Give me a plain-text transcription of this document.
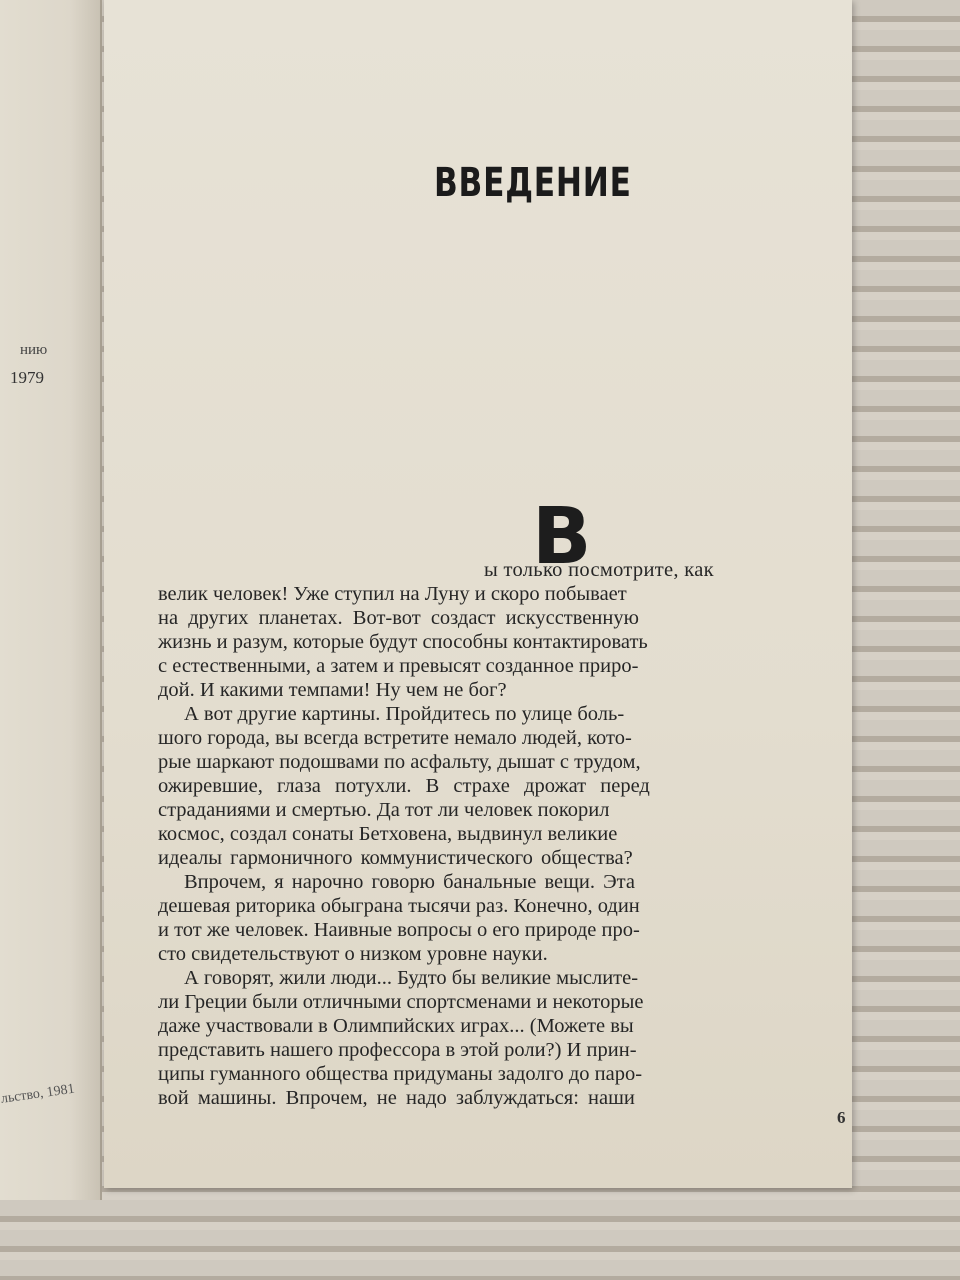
нию
1979
льство, 1981
ВВЕДЕНИЕ
В
ы только посмотрите, как
велик человек! Уже ступил на Луну и скоро побывает
на других планетах. Вот-вот создаст искусственную
жизнь и разум, которые будут способны контактировать
с естественными, а затем и превысят созданное приро-
дой. И какими темпами! Ну чем не бог?
А вот другие картины. Пройдитесь по улице боль-
шого города, вы всегда встретите немало людей, кото-
рые шаркают подошвами по асфальту, дышат с трудом,
ожиревшие, глаза потухли. В страхе дрожат перед
страданиями и смертью. Да тот ли человек покорил
космос, создал сонаты Бетховена, выдвинул великие
идеалы гармоничного коммунистического общества?
Впрочем, я нарочно говорю банальные вещи. Эта
дешевая риторика обыграна тысячи раз. Конечно, один
и тот же человек. Наивные вопросы о его природе про-
сто свидетельствуют о низком уровне науки.
А говорят, жили люди... Будто бы великие мыслите-
ли Греции были отличными спортсменами и некоторые
даже участвовали в Олимпийских играх... (Можете вы
представить нашего профессора в этой роли?) И прин-
ципы гуманного общества придуманы задолго до паро-
вой машины. Впрочем, не надо заблуждаться: наши
6
